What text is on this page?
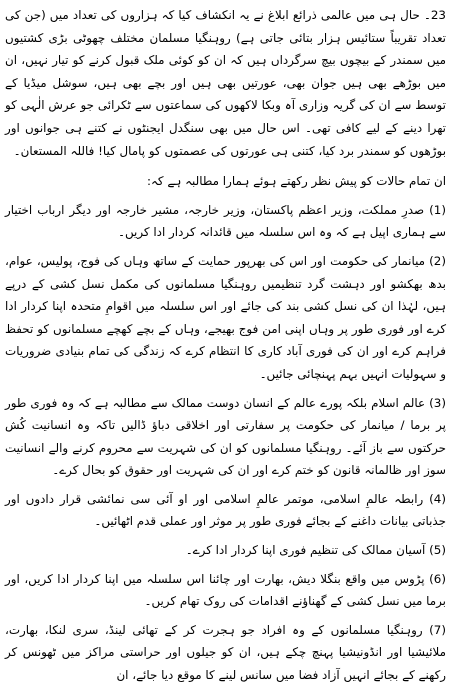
23۔ حال ہی میں عالمی ذرائع ابلاغ نے یہ انکشاف کیا کہ ہزاروں کی تعداد میں (جن کی تعداد تقریباً ستائیس ہزار بتائی جاتی ہے) روہنگیا مسلمان مختلف چھوٹی بڑی کشتیوں میں سمندر کے بیچوں بیچ سرگرداں ہیں کہ ان کو کوئی ملک قبول کرنے کو تیار نہیں، ان میں بوڑھے بھی ہیں جوان بھی، عورتیں بھی ہیں اور بچے بھی ہیں، سوشل میڈیا کے توسط سے ان کی گریہ وزاری آہ وبکا لاکھوں کی سماعتوں سے ٹکرائی جو عرش الٰہی کو تھرا دینے کے لیے کافی تھی۔ اس حال میں بھی سنگدل ایجنٹوں نے کتنے ہی جوانوں اور بوڑھوں کو سمندر برد کیا، کتنی ہی عورتوں کی عصمتوں کو پامال کیا! فاللہ المستعان۔

ان تمام حالات کو پیش نظر رکھتے ہوئے ہمارا مطالبہ ہے کہ:

(1) صدرِ مملکت، وزیر اعظم پاکستان، وزیر خارجہ، مشیر خارجہ اور دیگر ارباب اختیار سے ہماری اپیل ہے کہ وہ اس سلسلہ میں قائدانہ کردار ادا کریں۔

(2) میانمار کی حکومت اور اس کی بھرپور حمایت کے ساتھ وہاں کی فوج، پولیس، عوام، بدھ بھکشو اور دہشت گرد تنظیمیں روہنگیا مسلمانوں کی مکمل نسل کشی کے درپے ہیں، لہٰذا ان کی نسل کشی بند کی جائے اور اس سلسلہ میں اقوامِ متحدہ اپنا کردار ادا کرے اور فوری طور پر وہاں اپنی امن فوج بھیجے، وہاں کے بچے کھچے مسلمانوں کو تحفظ فراہم کرے اور ان کی فوری آباد کاری کا انتظام کرے کہ زندگی کی تمام بنیادی ضروریات و سہولیات انہیں بہم پہنچائی جائیں۔

(3) عالم اسلام بلکہ پورے عالم کے انسان دوست ممالک سے مطالبہ ہے کہ وہ فوری طور پر برما / میانمار کی حکومت پر سفارتی اور اخلاقی دباؤ ڈالیں تاکہ وہ انسانیت کُش حرکتوں سے باز آئے۔ روہنگیا مسلمانوں کو ان کی شہریت سے محروم کرنے والے انسانیت سوز اور ظالمانہ قانون کو ختم کرے اور ان کی شہریت اور حقوق کو بحال کرے۔

(4) رابطہ عالمِ اسلامی، موتمر عالمِ اسلامی اور او آئی سی نمائشی قرار دادوں اور جذباتی بیانات داغنے کے بجائے فوری طور پر موثر اور عملی قدم اٹھائیں۔

(5) آسیان ممالک کی تنظیم فوری اپنا کردار ادا کرے۔

(6) پڑوس میں واقع بنگلا دیش، بھارت اور چائنا اس سلسلہ میں اپنا کردار ادا کریں، اور برما میں نسل کشی کے گھناؤنے اقدامات کی روک تھام کریں۔

(7) روہنگیا مسلمانوں کے وہ افراد جو ہجرت کر کے تھائی لینڈ، سری لنکا، بھارت، ملائیشیا اور انڈونیشیا پہنچ چکے ہیں، ان کو جیلوں اور حراستی مراکز میں ٹھونس کر رکھنے کے بجائے انہیں آزاد فضا میں سانس لینے کا موقع دیا جائے، ان
